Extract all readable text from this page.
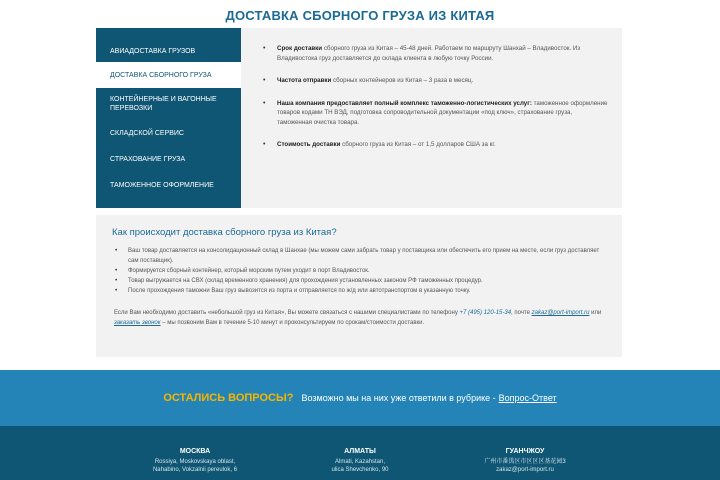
ДОСТАВКА СБОРНОГО ГРУЗА ИЗ КИТАЯ
АВИАДОСТАВКА ГРУЗОВ
ДОСТАВКА СБОРНОГО ГРУЗА
КОНТЕЙНЕРНЫЕ И ВАГОННЫЕ ПЕРЕВОЗКИ
СКЛАДСКОЙ СЕРВИС
СТРАХОВАНИЕ ГРУЗА
ТАМОЖЕННОЕ ОФОРМЛЕНИЕ
• Срок доставки сборного груза из Китая – 45-48 дней. Работаем по маршруту Шанхай – Владивосток. Из Владивостока груз доставляется до склада клиента в любую точку России.
• Частота отправки сборных контейнеров из Китая – 3 раза в месяц.
• Наша компания предоставляет полный комплекс таможенно-логистических услуг: таможенное оформление товаров кодами ТН ВЭД, подготовка сопроводительной документации «под ключ», страхование груза, таможенная очистка товара.
• Стоимость доставки сборного груза из Китая – от 1,5 долларов США за кг.
Как происходит доставка сборного груза из Китая?
• Ваш товар доставляется на консолидационный склад в Шанхае (мы можем сами забрать товар у поставщика или обеспечить его прием на месте, если груз доставляет сам поставщик).
• Формируется сборный контейнер, который морским путем уходит в порт Владивосток.
• Товар выгружается на СВХ (склад временного хранения) для прохождения установленных законом РФ таможенных процедур.
• После прохождения таможни Ваш груз вывозится из порта и отправляется по ж/д или автотранспортом в указанную точку.

Если Вам необходимо доставить «небольшой груз из Китая», Вы можете связаться с нашими специалистами по телефону +7 (495) 120-15-34, почте zakaz@port-import.ru или заказать звонок – мы позвоним Вам в течение 5-10 минут и проконсультируем по срокам/стоимости доставки.

ОСТАЛИСЬ ВОПРОСЫ? Возможно мы на них уже ответили в рубрике - Вопрос-Ответ
МОСКВА
Rossiya, Moskovskaya oblast,
Nahabino, Vokzalnii pereulok, 6
АЛМАТЫ
Almati, Kazahstan,
ulica Shevchenko, 90
ГУАНЧЖОУ
广州市番禺区市区区区基花园3
zakaz@port-import.ru
